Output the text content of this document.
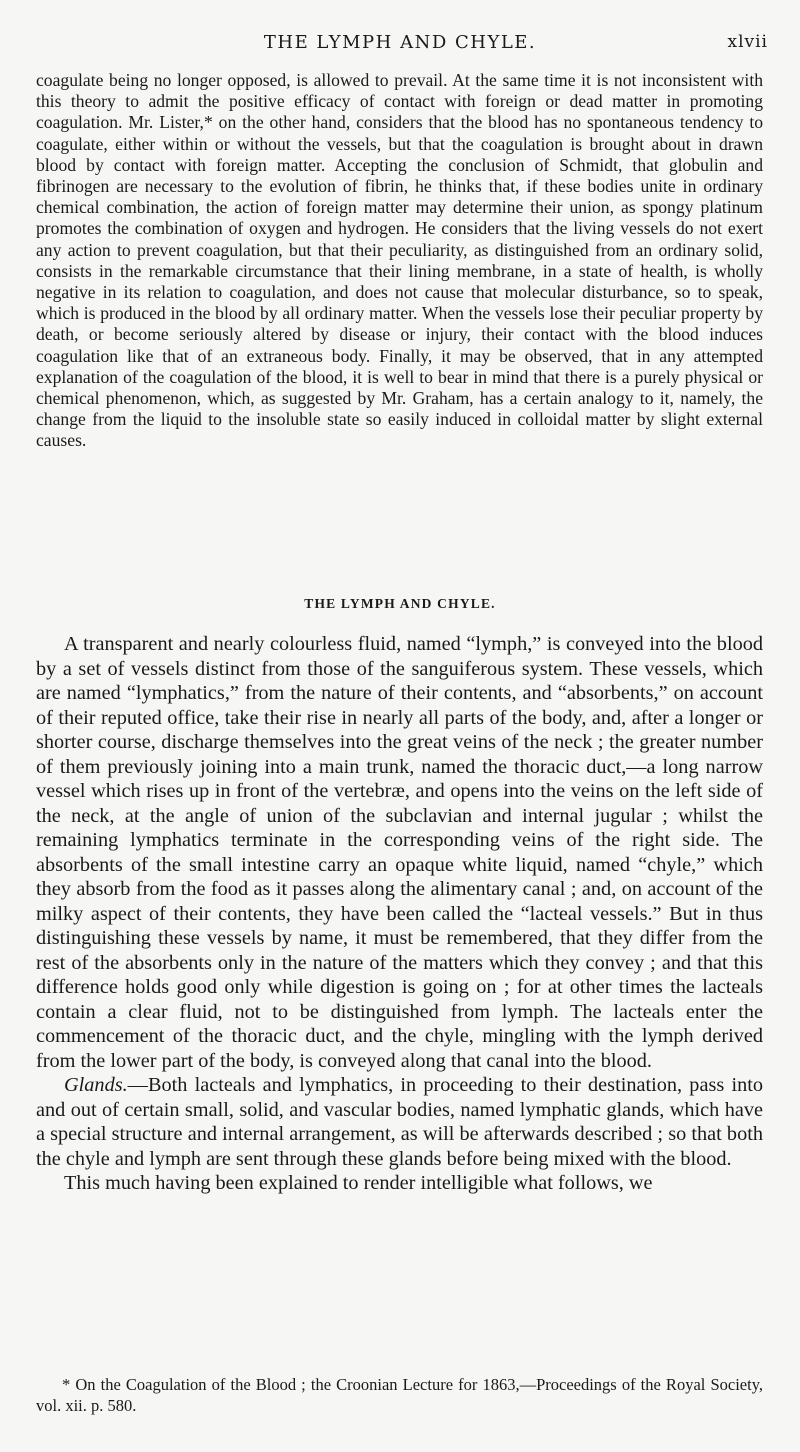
THE LYMPH AND CHYLE.	xlvii

coagulate being no longer opposed, is allowed to prevail. At the same time it is not inconsistent with this theory to admit the positive efficacy of contact with foreign or dead matter in promoting coagulation. Mr. Lister,* on the other hand, considers that the blood has no spontaneous tendency to coagulate, either within or without the vessels, but that the coagulation is brought about in drawn blood by contact with foreign matter. Accepting the conclusion of Schmidt, that globulin and fibrinogen are necessary to the evolution of fibrin, he thinks that, if these bodies unite in ordinary chemical combination, the action of foreign matter may determine their union, as spongy platinum promotes the combination of oxygen and hydrogen. He considers that the living vessels do not exert any action to prevent coagulation, but that their peculiarity, as distinguished from an ordinary solid, consists in the remarkable circumstance that their lining membrane, in a state of health, is wholly negative in its relation to coagulation, and does not cause that molecular disturbance, so to speak, which is produced in the blood by all ordinary matter. When the vessels lose their peculiar property by death, or become seriously altered by disease or injury, their contact with the blood induces coagulation like that of an extraneous body. Finally, it may be observed, that in any attempted explanation of the coagulation of the blood, it is well to bear in mind that there is a purely physical or chemical phenomenon, which, as suggested by Mr. Graham, has a certain analogy to it, namely, the change from the liquid to the insoluble state so easily induced in colloidal matter by slight external causes.

THE LYMPH AND CHYLE.

A transparent and nearly colourless fluid, named “lymph,” is conveyed into the blood by a set of vessels distinct from those of the sanguiferous system. These vessels, which are named “lymphatics,” from the nature of their contents, and “absorbents,” on account of their reputed office, take their rise in nearly all parts of the body, and, after a longer or shorter course, discharge themselves into the great veins of the neck ; the greater number of them previously joining into a main trunk, named the thoracic duct,—a long narrow vessel which rises up in front of the vertebræ, and opens into the veins on the left side of the neck, at the angle of union of the subclavian and internal jugular ; whilst the remaining lymphatics terminate in the corresponding veins of the right side. The absorbents of the small intestine carry an opaque white liquid, named “chyle,” which they absorb from the food as it passes along the alimentary canal ; and, on account of the milky aspect of their contents, they have been called the “lacteal vessels.” But in thus distinguishing these vessels by name, it must be remembered, that they differ from the rest of the absorbents only in the nature of the matters which they convey ; and that this difference holds good only while digestion is going on ; for at other times the lacteals contain a clear fluid, not to be distinguished from lymph. The lacteals enter the commencement of the thoracic duct, and the chyle, mingling with the lymph derived from the lower part of the body, is conveyed along that canal into the blood.

Glands.—Both lacteals and lymphatics, in proceeding to their destination, pass into and out of certain small, solid, and vascular bodies, named lymphatic glands, which have a special structure and internal arrangement, as will be afterwards described ; so that both the chyle and lymph are sent through these glands before being mixed with the blood.

This much having been explained to render intelligible what follows, we

* On the Coagulation of the Blood ; the Croonian Lecture for 1863,—Proceedings of the Royal Society, vol. xii. p. 580.
